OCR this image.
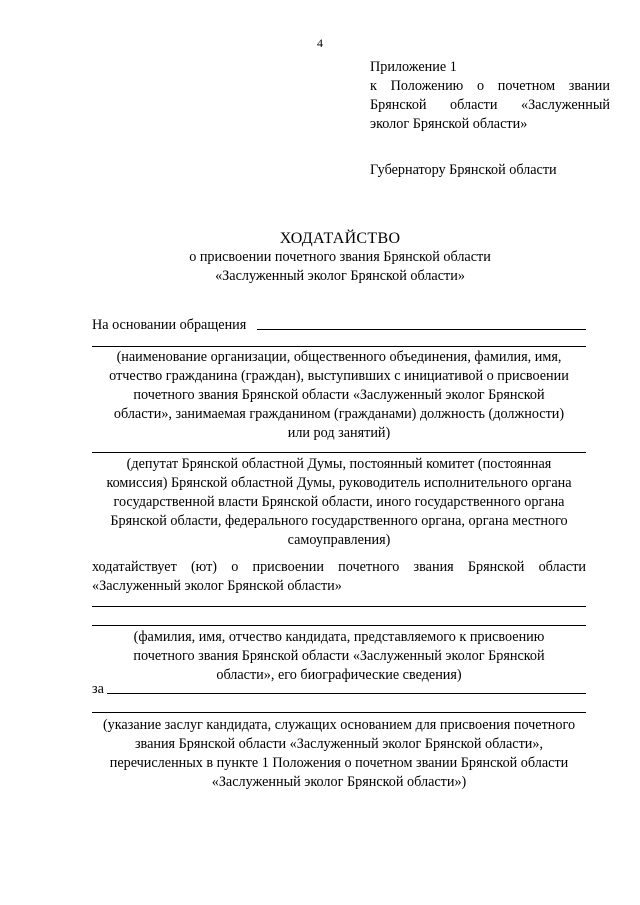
4
Приложение 1
к Положению о почетном звании
Брянской области «Заслуженный
эколог Брянской области»
Губернатору Брянской области
ХОДАТАЙСТВО
о присвоении почетного звания Брянской области
«Заслуженный эколог Брянской области»
На основании обращения
(наименование организации, общественного объединения, фамилия, имя,
отчество гражданина (граждан), выступивших с инициативой о присвоении
почетного звания Брянской области «Заслуженный эколог Брянской
области», занимаемая гражданином (гражданами) должность (должности)
или род занятий)
(депутат Брянской областной Думы, постоянный комитет (постоянная
комиссия) Брянской областной Думы, руководитель исполнительного органа
государственной власти Брянской области, иного государственного органа
Брянской области, федерального государственного органа, органа местного
самоуправления)
ходатайствует (ют) о присвоении почетного звания Брянской области
«Заслуженный эколог Брянской области»
(фамилия, имя, отчество кандидата, представляемого к присвоению
почетного звания Брянской области «Заслуженный эколог Брянской
области», его биографические сведения)
за
(указание заслуг кандидата, служащих основанием для присвоения почетного
звания Брянской области «Заслуженный эколог Брянской области»,
перечисленных в пункте 1 Положения о почетном звании Брянской области
«Заслуженный эколог Брянской области»)
